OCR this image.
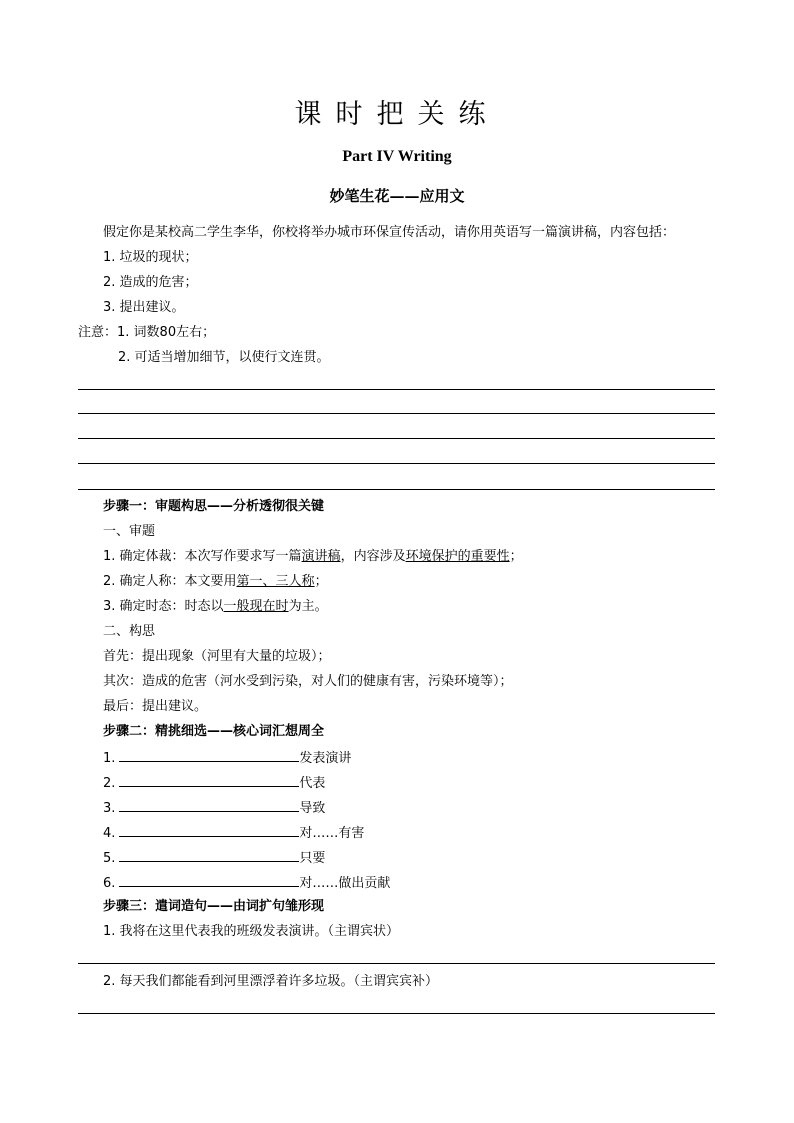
课时把关练
Part IV Writing
妙笔生花——应用文
假定你是某校高二学生李华，你校将举办城市环保宣传活动，请你用英语写一篇演讲稿，内容包括：
1. 垃圾的现状；
2. 造成的危害；
3. 提出建议。
注意：1. 词数80左右；
2. 可适当增加细节，以使行文连贯。
步骤一：审题构思——分析透彻很关键
一、审题
1. 确定体裁：本次写作要求写一篇演讲稿，内容涉及环境保护的重要性；
2. 确定人称：本文要用第一、三人称；
3. 确定时态：时态以一般现在时为主。
二、构思
首先：提出现象（河里有大量的垃圾）；
其次：造成的危害（河水受到污染，对人们的健康有害，污染环境等）；
最后：提出建议。
步骤二：精挑细选——核心词汇想周全
1.	发表演讲
2.	代表
3.	导致
4.	对……有害
5.	只要
6.	对……做出贡献
步骤三：遣词造句——由词扩句雏形现
1. 我将在这里代表我的班级发表演讲。（主谓宾状）
2. 每天我们都能看到河里漂浮着许多垃圾。（主谓宾宾补）
